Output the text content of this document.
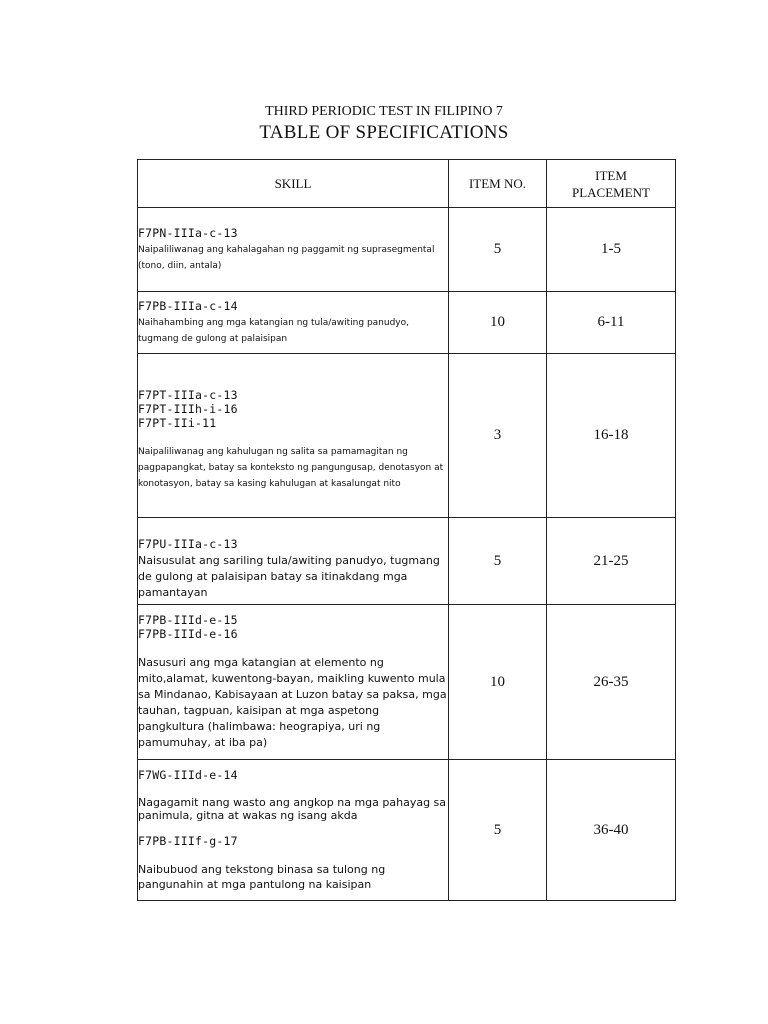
THIRD PERIODIC TEST IN FILIPINO 7
TABLE OF SPECIFICATIONS
SKILL	ITEM NO.	ITEM PLACEMENT

F7PN-IIIa-c-13
Naipaliliwanag ang kahalagahan ng paggamit ng suprasegmental (tono, diin, antala)	5	1-5

F7PB-IIIa-c-14
Naihahambing ang mga katangian ng tula/awiting panudyo, tugmang de gulong at palaisipan	10	6-11

F7PT-IIIa-c-13
F7PT-IIIh-i-16
F7PT-IIi-11
Naipaliliwanag ang kahulugan ng salita sa pamamagitan ng pagpapangkat, batay sa konteksto ng pangungusap, denotasyon at konotasyon, batay sa kasing kahulugan at kasalungat nito	3	16-18

F7PU-IIIa-c-13
Naisusulat ang sariling tula/awiting panudyo, tugmang de gulong at palaisipan batay sa itinakdang mga pamantayan	5	21-25

F7PB-IIId-e-15
F7PB-IIId-e-16
Nasusuri ang mga katangian at elemento ng mito,alamat, kuwentong-bayan, maikling kuwento mula sa Mindanao, Kabisayaan at Luzon batay sa paksa, mga tauhan, tagpuan, kaisipan at mga aspetong pangkultura (halimbawa: heograpiya, uri ng pamumuhay, at iba pa)	10	26-35

F7WG-IIId-e-14
Nagagamit nang wasto ang angkop na mga pahayag sa panimula, gitna at wakas ng isang akda
F7PB-IIIf-g-17
Naibubuod ang tekstong binasa sa tulong ng pangunahin at mga pantulong na kaisipan	5	36-40
